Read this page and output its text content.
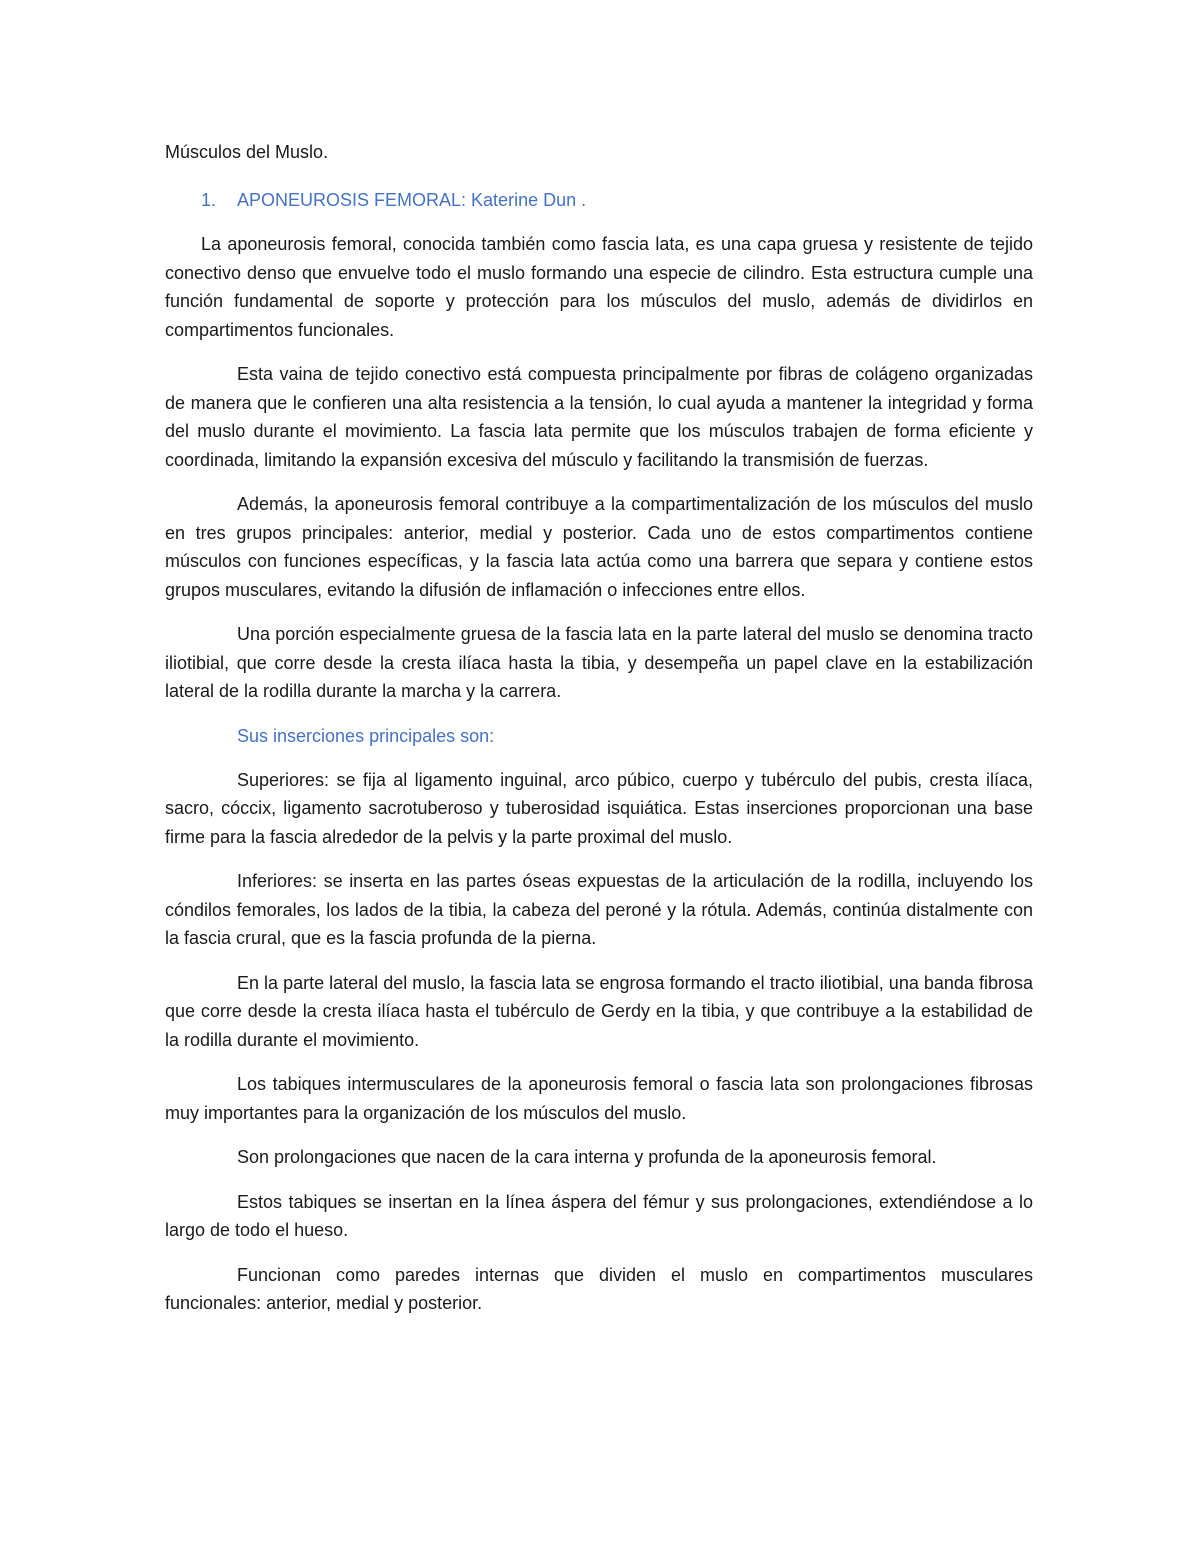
Músculos del Muslo.
1.	APONEUROSIS FEMORAL: Katerine Dun .
La aponeurosis femoral, conocida también como fascia lata, es una capa gruesa y resistente de tejido conectivo denso que envuelve todo el muslo formando una especie de cilindro. Esta estructura cumple una función fundamental de soporte y protección para los músculos del muslo, además de dividirlos en compartimentos funcionales.
Esta vaina de tejido conectivo está compuesta principalmente por fibras de colágeno organizadas de manera que le confieren una alta resistencia a la tensión, lo cual ayuda a mantener la integridad y forma del muslo durante el movimiento. La fascia lata permite que los músculos trabajen de forma eficiente y coordinada, limitando la expansión excesiva del músculo y facilitando la transmisión de fuerzas.
Además, la aponeurosis femoral contribuye a la compartimentalización de los músculos del muslo en tres grupos principales: anterior, medial y posterior. Cada uno de estos compartimentos contiene músculos con funciones específicas, y la fascia lata actúa como una barrera que separa y contiene estos grupos musculares, evitando la difusión de inflamación o infecciones entre ellos.
Una porción especialmente gruesa de la fascia lata en la parte lateral del muslo se denomina tracto iliotibial, que corre desde la cresta ilíaca hasta la tibia, y desempeña un papel clave en la estabilización lateral de la rodilla durante la marcha y la carrera.
Sus inserciones principales son:
Superiores: se fija al ligamento inguinal, arco púbico, cuerpo y tubérculo del pubis, cresta ilíaca, sacro, cóccix, ligamento sacrotuberoso y tuberosidad isquiática. Estas inserciones proporcionan una base firme para la fascia alrededor de la pelvis y la parte proximal del muslo.
Inferiores: se inserta en las partes óseas expuestas de la articulación de la rodilla, incluyendo los cóndilos femorales, los lados de la tibia, la cabeza del peroné y la rótula. Además, continúa distalmente con la fascia crural, que es la fascia profunda de la pierna.
En la parte lateral del muslo, la fascia lata se engrosa formando el tracto iliotibial, una banda fibrosa que corre desde la cresta ilíaca hasta el tubérculo de Gerdy en la tibia, y que contribuye a la estabilidad de la rodilla durante el movimiento.
Los tabiques intermusculares de la aponeurosis femoral o fascia lata son prolongaciones fibrosas muy importantes para la organización de los músculos del muslo.
Son prolongaciones que nacen de la cara interna y profunda de la aponeurosis femoral.
Estos tabiques se insertan en la línea áspera del fémur y sus prolongaciones, extendiéndose a lo largo de todo el hueso.
Funcionan como paredes internas que dividen el muslo en compartimentos musculares funcionales: anterior, medial y posterior.
